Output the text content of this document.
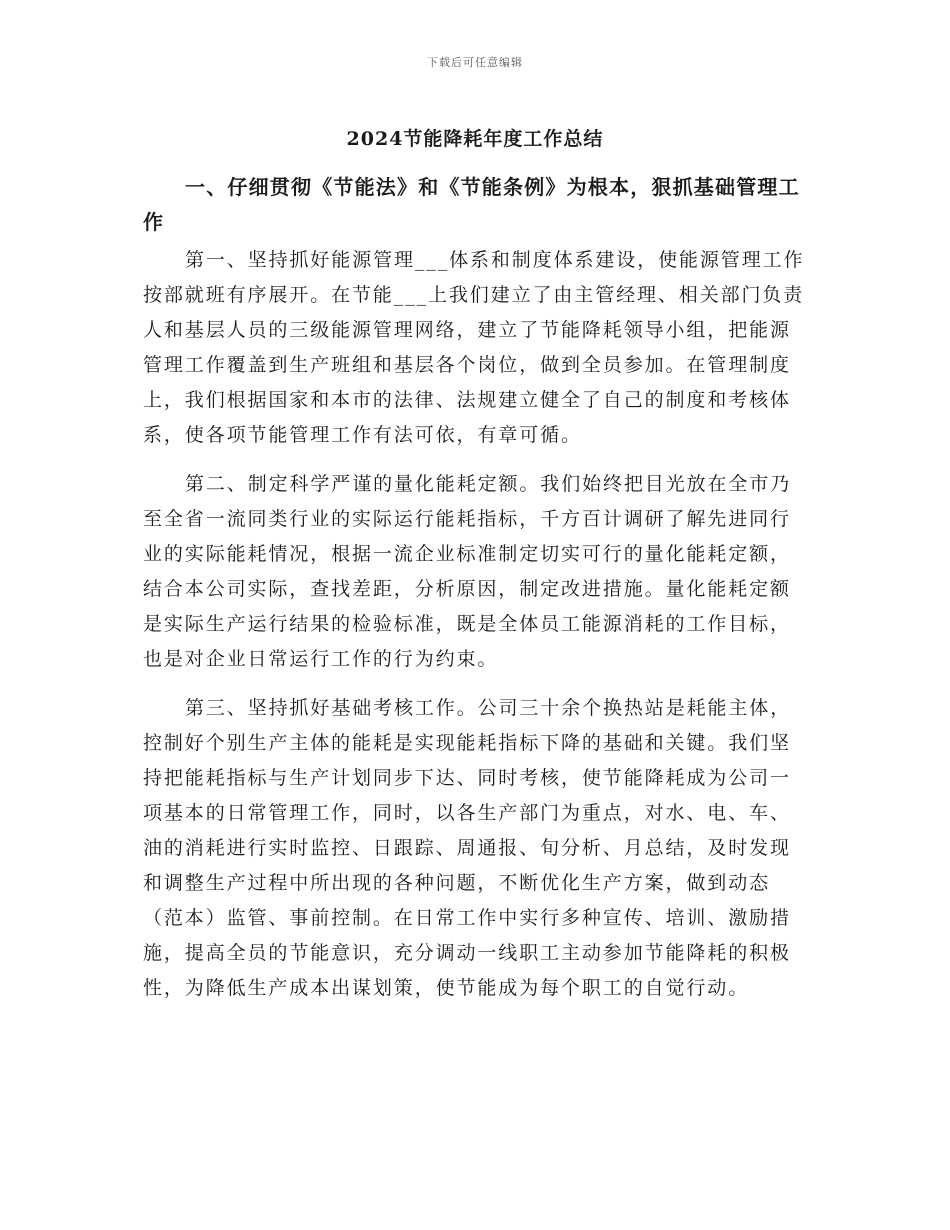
下载后可任意编辑
2024节能降耗年度工作总结
一、仔细贯彻《节能法》和《节能条例》为根本，狠抓基础管理工作

第一、坚持抓好能源管理___体系和制度体系建设，使能源管理工作按部就班有序展开。在节能___上我们建立了由主管经理、相关部门负责人和基层人员的三级能源管理网络，建立了节能降耗领导小组，把能源管理工作覆盖到生产班组和基层各个岗位，做到全员参加。在管理制度上，我们根据国家和本市的法律、法规建立健全了自己的制度和考核体系，使各项节能管理工作有法可依，有章可循。

第二、制定科学严谨的量化能耗定额。我们始终把目光放在全市乃至全省一流同类行业的实际运行能耗指标，千方百计调研了解先进同行业的实际能耗情况，根据一流企业标准制定切实可行的量化能耗定额，结合本公司实际，查找差距，分析原因，制定改进措施。量化能耗定额是实际生产运行结果的检验标准，既是全体员工能源消耗的工作目标，也是对企业日常运行工作的行为约束。

第三、坚持抓好基础考核工作。公司三十余个换热站是耗能主体，控制好个别生产主体的能耗是实现能耗指标下降的基础和关键。我们坚持把能耗指标与生产计划同步下达、同时考核，使节能降耗成为公司一项基本的日常管理工作，同时，以各生产部门为重点，对水、电、车、油的消耗进行实时监控、日跟踪、周通报、旬分析、月总结，及时发现和调整生产过程中所出现的各种问题，不断优化生产方案，做到动态（范本）监管、事前控制。在日常工作中实行多种宣传、培训、激励措施，提高全员的节能意识，充分调动一线职工主动参加节能降耗的积极性，为降低生产成本出谋划策，使节能成为每个职工的自觉行动。
